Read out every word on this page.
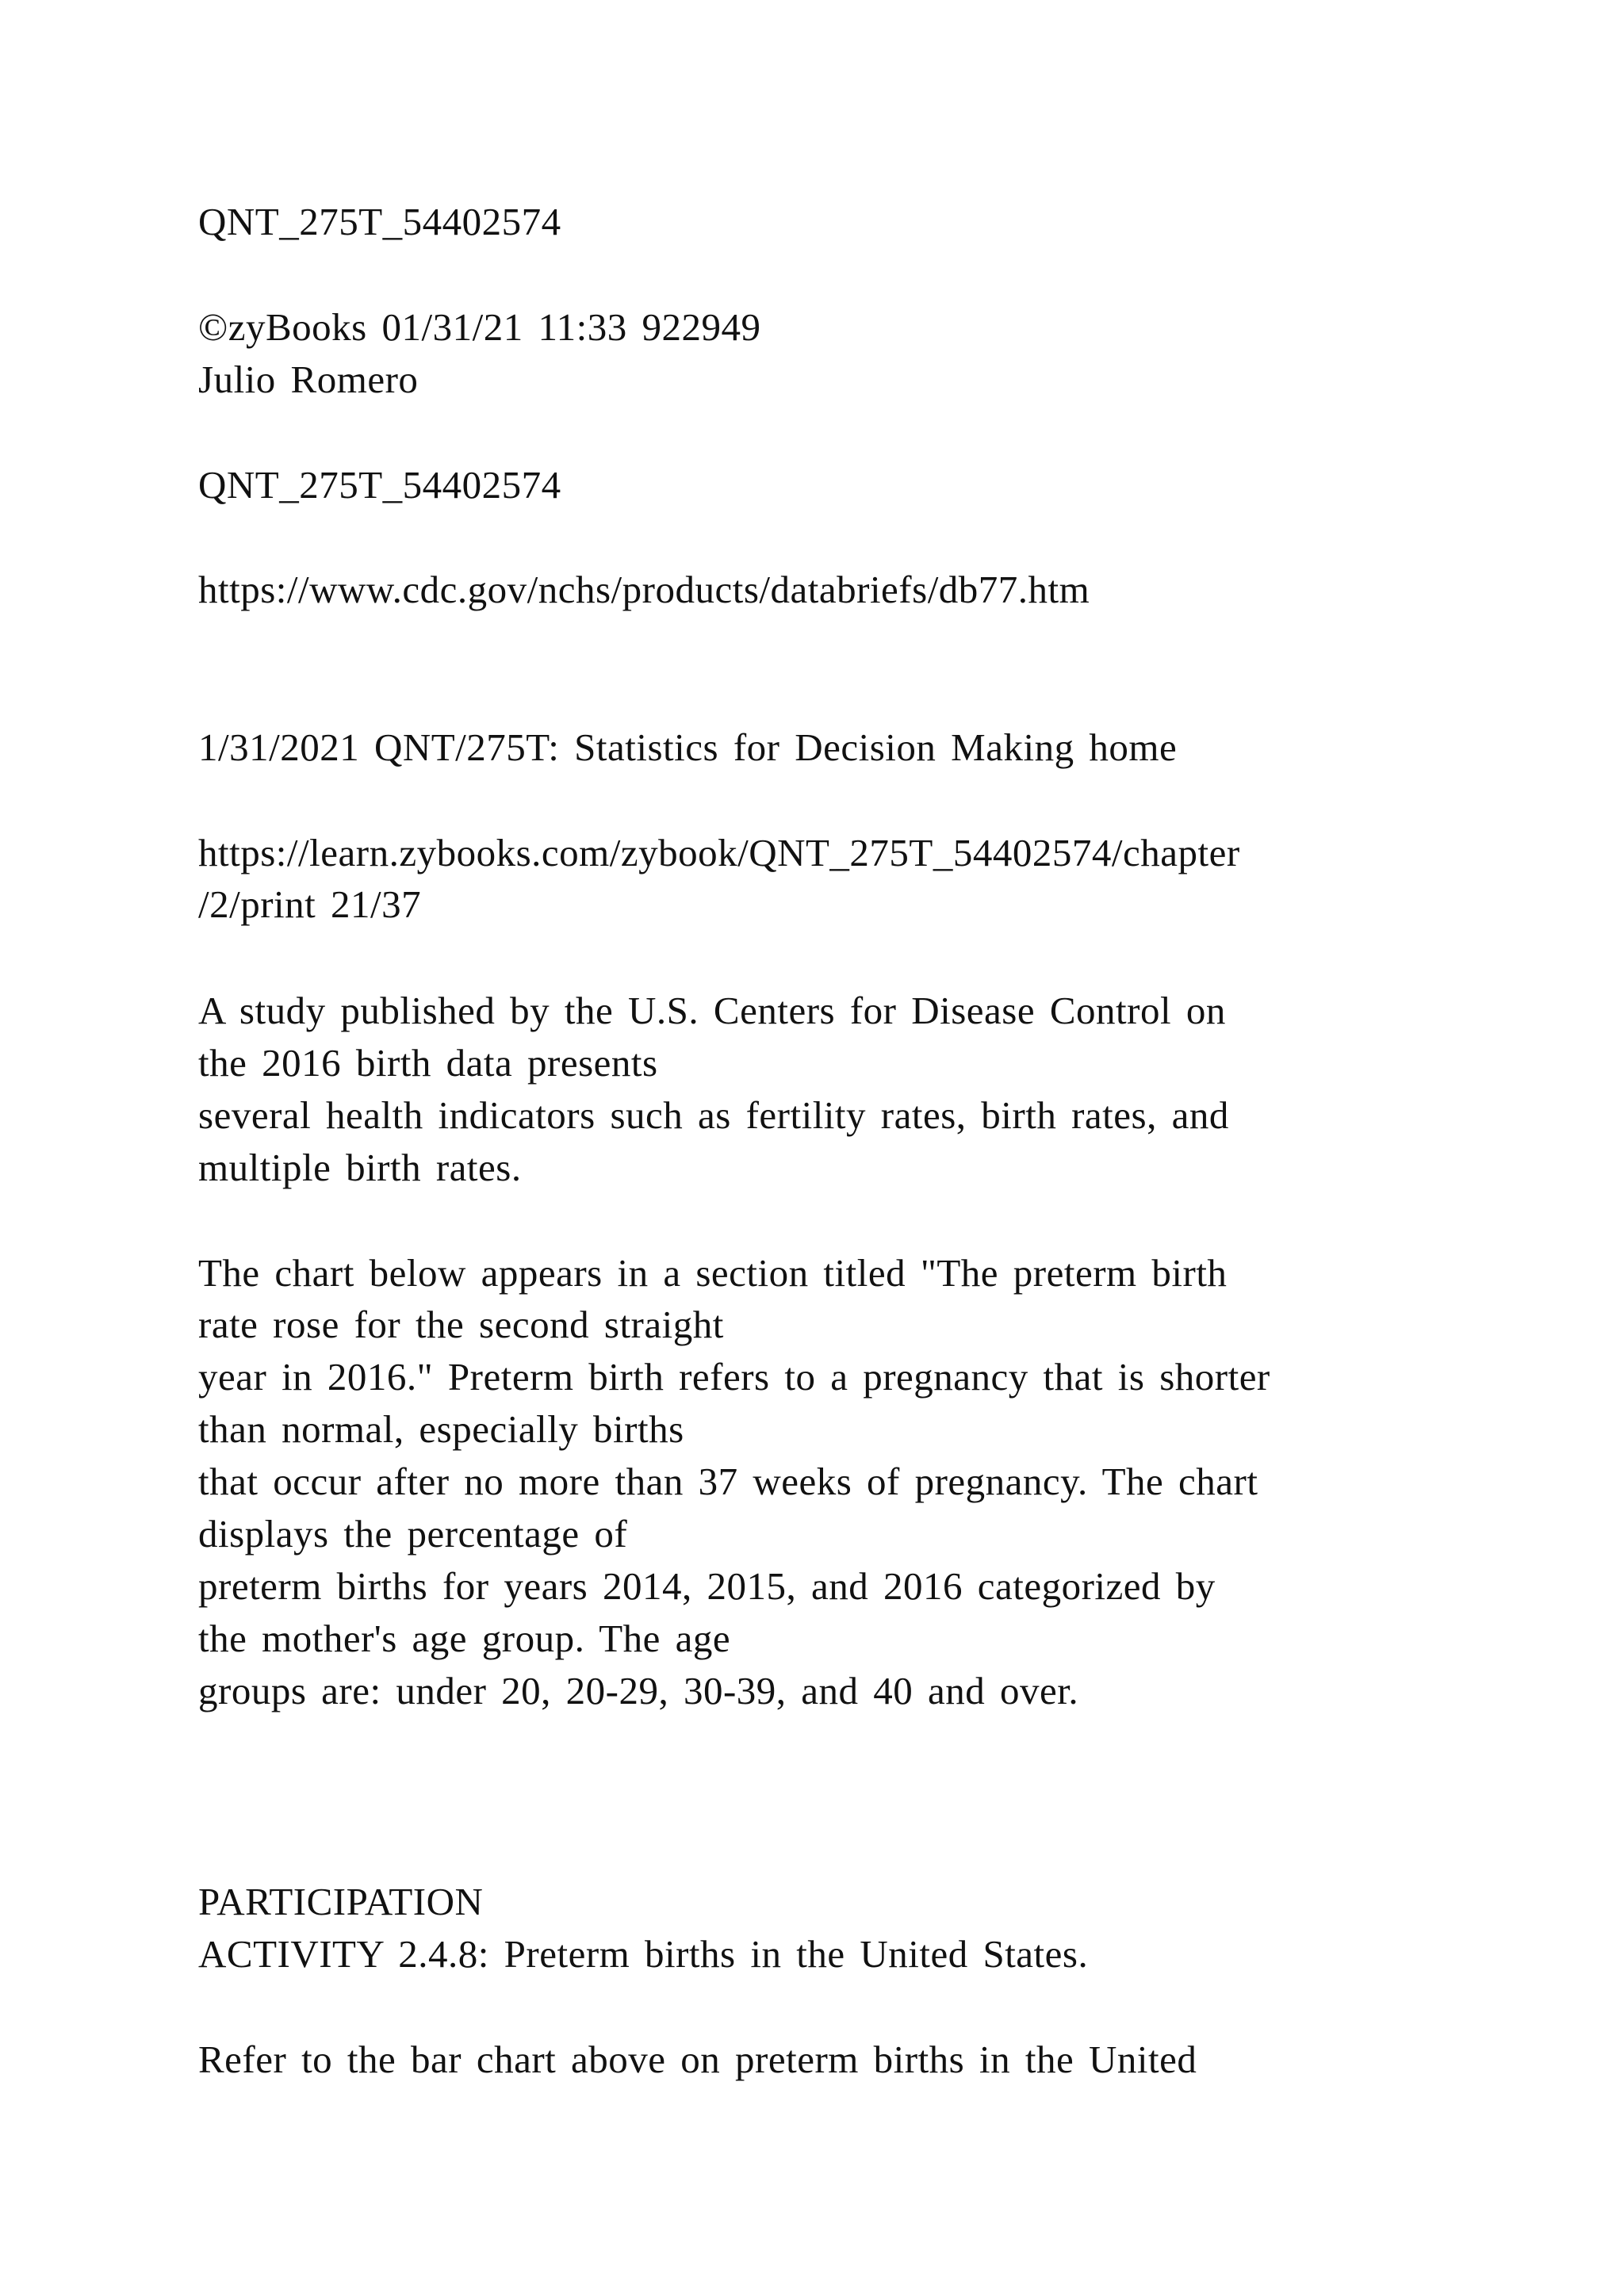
QNT_275T_54402574

©zyBooks 01/31/21 11:33 922949

Julio Romero

QNT_275T_54402574

https://www.cdc.gov/nchs/products/databriefs/db77.htm

1/31/2021 QNT/275T: Statistics for Decision Making home

https://learn.zybooks.com/zybook/QNT_275T_54402574/chapter

/2/print 21/37

A study published by the U.S. Centers for Disease Control on

the 2016 birth data presents

several health indicators such as fertility rates, birth rates, and

multiple birth rates.

The chart below appears in a section titled "The preterm birth

rate rose for the second straight

year in 2016." Preterm birth refers to a pregnancy that is shorter

than normal, especially births

that occur after no more than 37 weeks of pregnancy. The chart

displays the percentage of

preterm births for years 2014, 2015, and 2016 categorized by

the mother's age group. The age

groups are: under 20, 20-29, 30-39, and 40 and over.

PARTICIPATION

ACTIVITY 2.4.8: Preterm births in the United States.

Refer to the bar chart above on preterm births in the United
